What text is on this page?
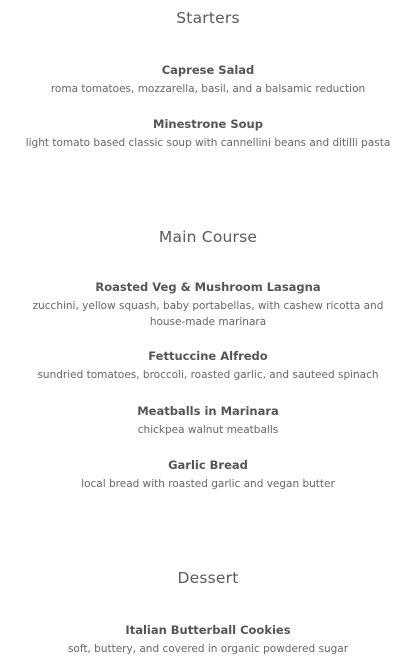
Starters

Caprese Salad

roma tomatoes, mozzarella, basil, and a balsamic reduction

Minestrone Soup

light tomato based classic soup with cannellini beans and ditilli pasta

Main Course

Roasted Veg & Mushroom Lasagna

zucchini, yellow squash, baby portabellas, with cashew ricotta and house-made marinara

Fettuccine Alfredo

sundried tomatoes, broccoli, roasted garlic, and sauteed spinach

Meatballs in Marinara

chickpea walnut meatballs

Garlic Bread

local bread with roasted garlic and vegan butter

Dessert

Italian Butterball Cookies

soft, buttery, and covered in organic powdered sugar
